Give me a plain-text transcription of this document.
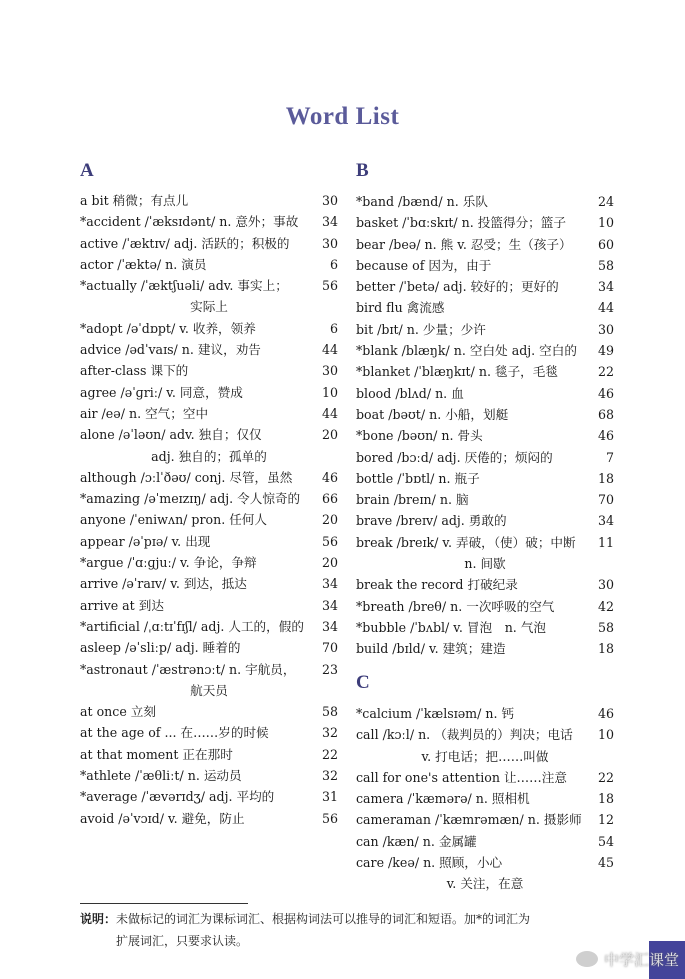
Word List
A
a bit 稍微；有点儿	30
*accident /ˈæksɪdənt/ n. 意外；事故 34
active /ˈæktɪv/ adj. 活跃的；积极的	30
actor /ˈæktə/ n. 演员	6
*actually /ˈæktʃuəli/ adv. 事实上；	56
实际上
*adopt /əˈdɒpt/ v. 收养，领养	6
advice /ədˈvaɪs/ n. 建议，劝告	44
after-class 课下的	30
agree /əˈɡriː/ v. 同意，赞成	10
air /eə/ n. 空气；空中	44
alone /əˈləʊn/ adv. 独自；仅仅	20
adj. 独自的；孤单的
although /ɔːlˈðəʊ/ conj. 尽管，虽然 46
*amazing /əˈmeɪzɪŋ/ adj. 令人惊奇的 66
anyone /ˈeniwʌn/ pron. 任何人	20
appear /əˈpɪə/ v. 出现	56
*argue /ˈɑːɡjuː/ v. 争论，争辩	20
arrive /əˈraɪv/ v. 到达，抵达	34
arrive at 到达	34
*artificial /ˌɑːtɪˈfɪʃl/ adj. 人工的，假的 34
asleep /əˈsliːp/ adj. 睡着的	70
*astronaut /ˈæstrənɔːt/ n. 宇航员， 23
航天员
at once 立刻	58
at the age of ... 在……岁的时候	32
at that moment 正在那时	22
*athlete /ˈæθliːt/ n. 运动员	32
*average /ˈævərɪdʒ/ adj. 平均的	31
avoid /əˈvɔɪd/ v. 避免，防止	56
B
*band /bænd/ n. 乐队	24
basket /ˈbɑːskɪt/ n. 投篮得分；篮子	10
bear /beə/ n. 熊 v. 忍受；生（孩子） 60
because of 因为，由于	58
better /ˈbetə/ adj. 较好的；更好的	34
bird flu 禽流感	44
bit /bɪt/ n. 少量；少许	30
*blank /blæŋk/ n. 空白处 adj. 空白的 49
*blanket /ˈblæŋkɪt/ n. 毯子，毛毯	22
blood /blʌd/ n. 血	46
boat /bəʊt/ n. 小船，划艇	68
*bone /bəʊn/ n. 骨头	46
bored /bɔːd/ adj. 厌倦的；烦闷的	7
bottle /ˈbɒtl/ n. 瓶子	18
brain /breɪn/ n. 脑	70
brave /breɪv/ adj. 勇敢的	34
break /breɪk/ v. 弄破，（使）破；中断 11
n. 间歇
break the record 打破纪录	30
*breath /breθ/ n. 一次呼吸的空气	42
*bubble /ˈbʌbl/ v. 冒泡　n. 气泡	58
build /bɪld/ v. 建筑；建造	18
C
*calcium /ˈkælsɪəm/ n. 钙	46
call /kɔːl/ n. （裁判员的）判决；电话 10
v. 打电话；把……叫做
call for one's attention 让……注意 22
camera /ˈkæmərə/ n. 照相机	18
cameraman /ˈkæmrəmæn/ n. 摄影师 12
can /kæn/ n. 金属罐	54
care /keə/ n. 照顾，小心	45
v. 关注，在意
说明：未做标记的词汇为课标词汇、根据构词法可以推导的词汇和短语。加*的词汇为
扩展词汇，只要求认读。
中学汇课堂
